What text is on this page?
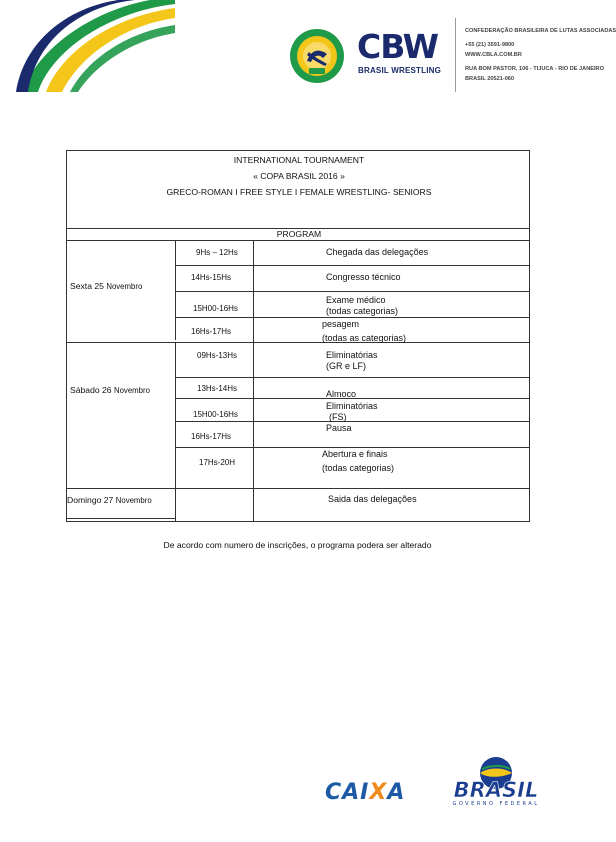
CBW
BRASIL WRESTLING
CONFEDERAÇÃO BRASILEIRA DE LUTAS ASSOCIADAS
+55 (21) 3591-9800
WWW.CBLA.COM.BR
RUA BOM PASTOR, 106 - TIJUCA - RIO DE JANEIRO
BRASIL 20521-060
INTERNATIONAL TOURNAMENT
« COPA BRASIL 2016 »
GRECO-ROMAN I FREE STYLE I FEMALE WRESTLING- SENIORS
PROGRAM
Sexta 25 Novembro
Sábado 26 Novembro
Domingo 27 Novembro
9Hs – 12Hs
14Hs-15Hs
15H00-16Hs
16Hs-17Hs
09Hs-13Hs
13Hs-14Hs
15H00-16Hs
16Hs-17Hs
17Hs-20H
Chegada das delegações
Congresso técnico
Exame médico
(todas categorias)
pesagem
(todas as categorias)
Eliminatórias
(GR e LF)
Almoco
Eliminatórias
(FS)
Pausa
Abertura e finais
(todas categorias)
Saida das delegações
De acordo com numero de inscrições, o programa podera ser alterado
CAIXA BRASIL
GOVERNO FEDERAL
